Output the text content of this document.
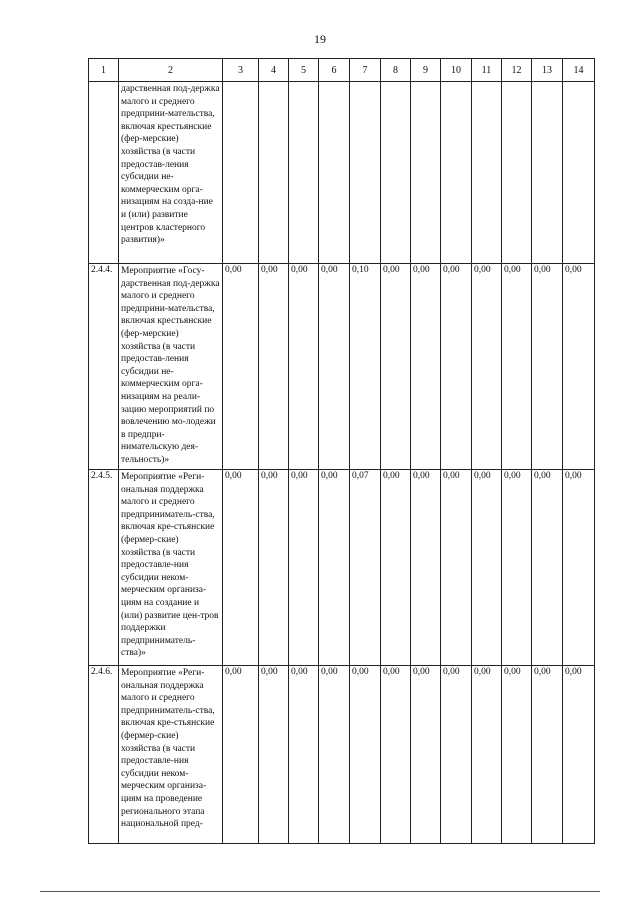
19
1	2	3	4	5	6	7	8	9	10	11	12	13	14
	дарственная под-держка малого и среднего предприни-мательства, включая крестьянские (фер-мерские) хозяйства (в части предостав-ления субсидии не-коммерческим орга-низациям на созда-ние и (или) развитие центров кластерного развития)»												
2.4.4.	Мероприятие «Госу-дарственная под-держка малого и среднего предприни-мательства, включая крестьянские (фер-мерские) хозяйства (в части предостав-ления субсидии не-коммерческим орга-низациям на реали-зацию мероприятий по вовлечению мо-лодежи в предпри-нимательскую дея-тельность)»	0,00	0,00	0,00	0,00	0,10	0,00	0,00	0,00	0,00	0,00	0,00	0,00
2.4.5.	Мероприятие «Реги-ональная поддержка малого и среднего предприниматель-ства, включая кре-стьянские (фермер-ские) хозяйства (в части предоставле-ния субсидии неком-мерческим организа-циям на создание и (или) развитие цен-тров поддержки предприниматель-ства)»	0,00	0,00	0,00	0,00	0,07	0,00	0,00	0,00	0,00	0,00	0,00	0,00
2.4.6.	Мероприятие «Реги-ональная поддержка малого и среднего предприниматель-ства, включая кре-стьянские (фермер-ские) хозяйства (в части предоставле-ния субсидии неком-мерческим организа-циям на проведение регионального этапа национальной пред-	0,00	0,00	0,00	0,00	0,00	0,00	0,00	0,00	0,00	0,00	0,00	0,00
